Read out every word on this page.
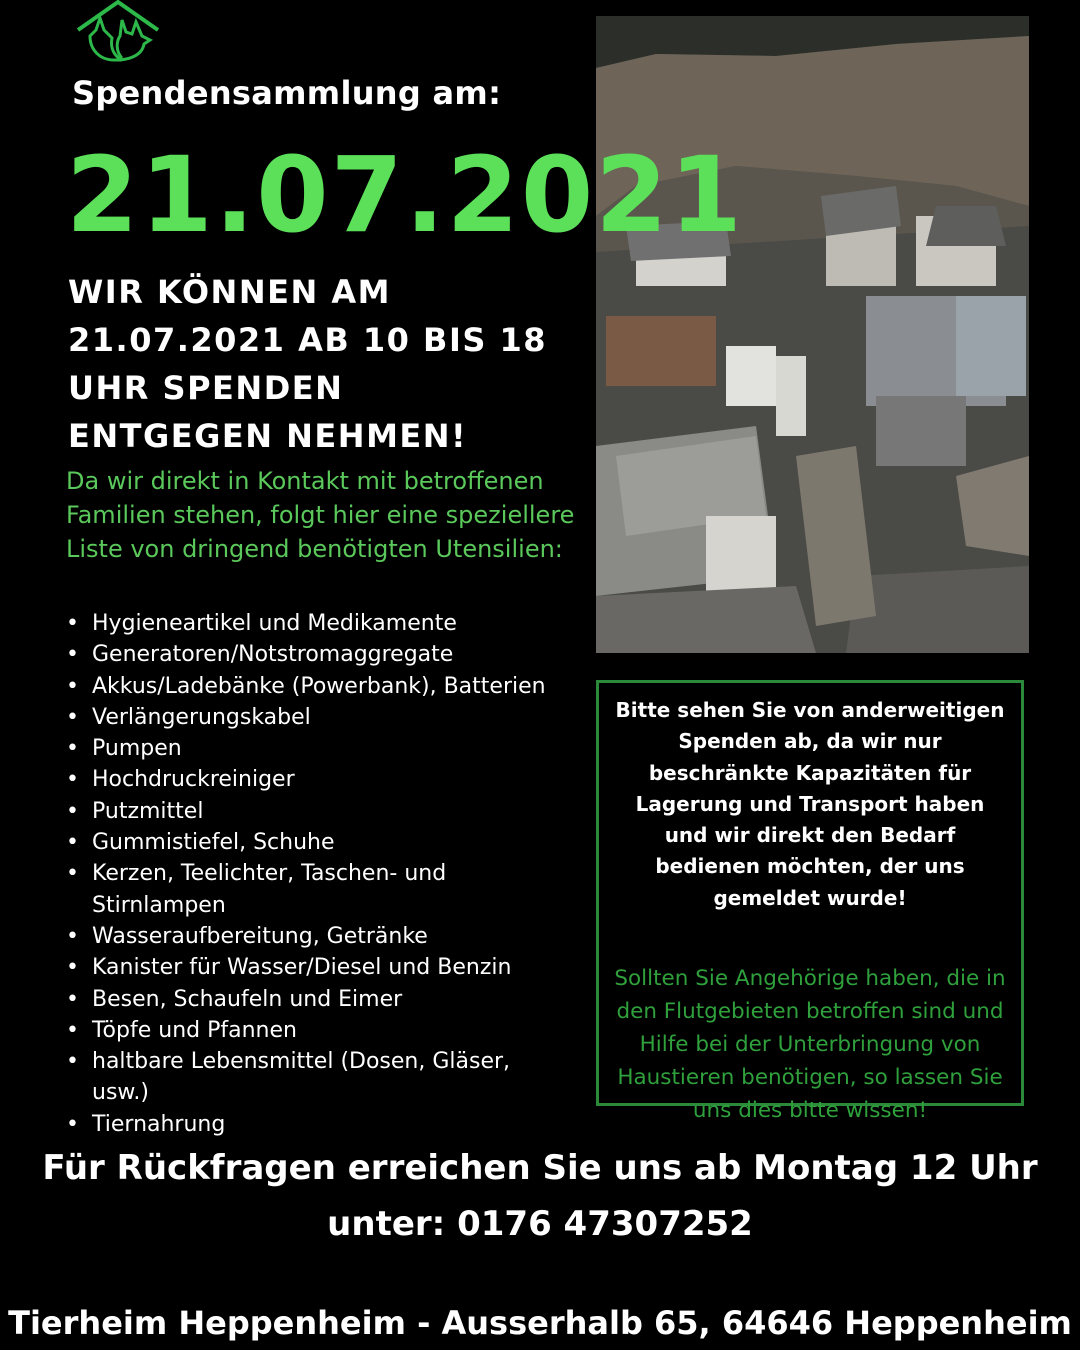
Spendensammlung am:
21.07.2021
WIR KÖNNEN AM
21.07.2021 AB 10 BIS 18
UHR SPENDEN
ENTGEGEN NEHMEN!
Da wir direkt in Kontakt mit betroffenen Familien stehen, folgt hier eine speziellere Liste von dringend benötigten Utensilien:
• Hygieneartikel und Medikamente
• Generatoren/Notstromaggregate
• Akkus/Ladebänke (Powerbank), Batterien
• Verlängerungskabel
• Pumpen
• Hochdruckreiniger
• Putzmittel
• Gummistiefel, Schuhe
• Kerzen, Teelichter, Taschen- und Stirnlampen
• Wasseraufbereitung, Getränke
• Kanister für Wasser/Diesel und Benzin
• Besen, Schaufeln und Eimer
• Töpfe und Pfannen
• haltbare Lebensmittel (Dosen, Gläser, usw.)
• Tiernahrung

Bitte sehen Sie von anderweitigen Spenden ab, da wir nur beschränkte Kapazitäten für Lagerung und Transport haben und wir direkt den Bedarf bedienen möchten, der uns gemeldet wurde!

Sollten Sie Angehörige haben, die in den Flutgebieten betroffen sind und Hilfe bei der Unterbringung von Haustieren benötigen, so lassen Sie uns dies bitte wissen!

Für Rückfragen erreichen Sie uns ab Montag 12 Uhr
unter: 0176 47307252
Tierheim Heppenheim - Ausserhalb 65, 64646 Heppenheim
